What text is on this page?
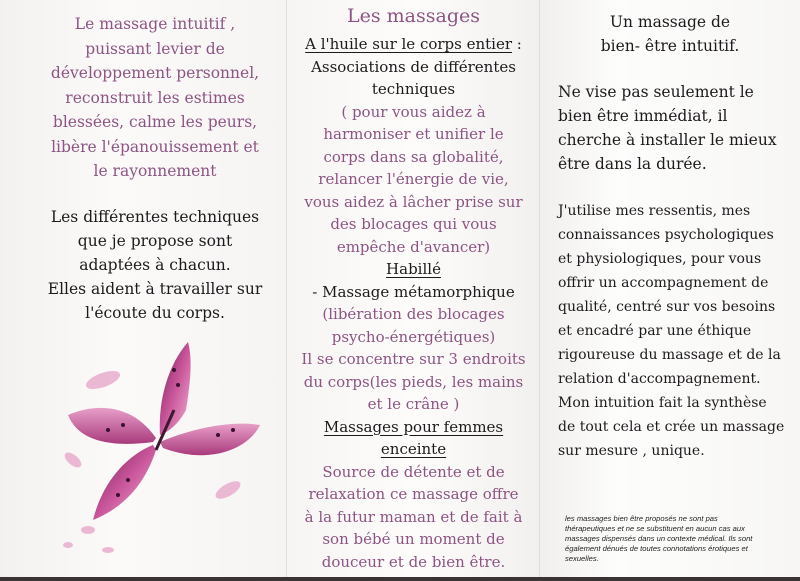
Le massage intuitif ,
puissant levier de
développement personnel,
reconstruit les estimes
blessées, calme les peurs,
libère l'épanouissement et
le rayonnement
Les différentes techniques
que je propose sont
adaptées à chacun.
Elles aident à travailler sur
l'écoute du corps.
Les massages
A l'huile sur le corps entier :
Associations de différentes
techniques
( pour vous aidez à
harmoniser et unifier le
corps dans sa globalité,
relancer l'énergie de vie,
vous aidez à lâcher prise sur
des blocages qui vous
empêche d'avancer)
Habillé
- Massage métamorphique
(libération des blocages
psycho-énergétiques)
Il se concentre sur 3 endroits
du corps(les pieds, les mains
et le crâne )
Massages pour femmes
enceinte
Source de détente et de
relaxation ce massage offre
à la futur maman et de fait à
son bébé un moment de
douceur et de bien être.
Un massage de
bien- être intuitif.
Ne vise pas seulement le
bien être immédiat, il
cherche à installer le mieux
être dans la durée.
J'utilise mes ressentis, mes
connaissances psychologiques
et physiologiques, pour vous
offrir un accompagnement de
qualité, centré sur vos besoins
et encadré par une éthique
rigoureuse du massage et de la
relation d'accompagnement.
Mon intuition fait la synthèse
de tout cela et crée un massage
sur mesure , unique.
les massages bien être proposés ne sont pas
thérapeutiques et ne se substituent en aucun cas aux
massages dispensés dans un contexte médical. Ils sont
également dénués de toutes connotations érotiques et
sexuelles.
